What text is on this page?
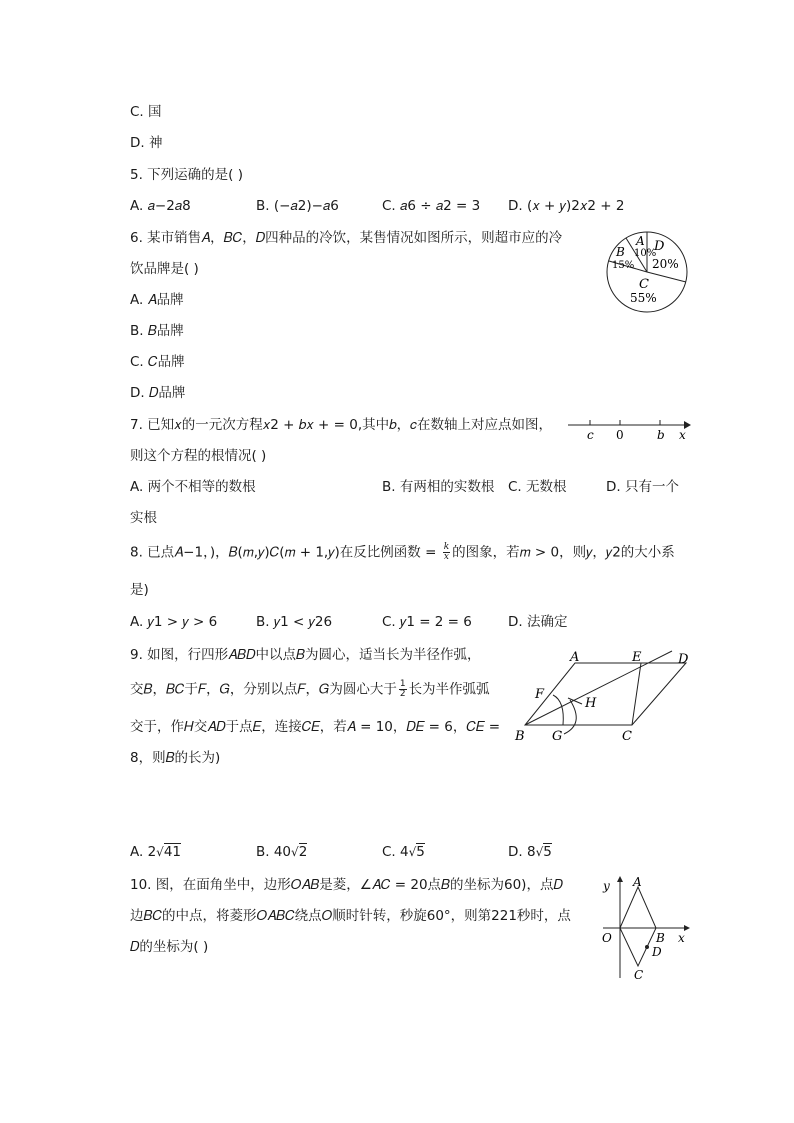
C. 国
D. 神
5. 下列运确的是( )
A. 𝑎−2𝑎8	B. (−𝑎2)−𝑎6	C. 𝑎6 ÷ 𝑎2 = 3 D. (𝑥 + 𝑦)2𝑥2 + 2
6. 某市销售𝐴，𝐵𝐶，𝐷四种品的冷饮，某售情况如图所示，则超市应的冷
饮品牌是( )
A. 𝐴品牌
B. 𝐵品牌
C. 𝐶品牌
D. 𝐷品牌
A
10%
B
15%
D
20%
C
55%
7. 已知𝑥的一元次方程𝑥2 + 𝑏𝑥 + = 0,其中𝑏，𝑐在数轴上对应点如图，
则这个方程的根情况( )
A. 两个不相等的数根	B. 有两相的实数根 C. 无数根	D. 只有一个
实根
c 0	b x
8. 已点𝐴−1，)，𝐵(𝑚,𝑦)𝐶(𝑚 + 1,𝑦)在反比例函数 = 𝑘
𝑥 的图象，若𝑚 > 0，则𝑦，𝑦2的大小系
是)
A. 𝑦1 > 𝑦 > 6	B. 𝑦1 < 𝑦26	C. 𝑦1 = 2 = 6	D. 法确定
9. 如图，行四形𝐴𝐵𝐷中以点𝐵为圆心，适当长为半径作弧，
交𝐵，𝐵𝐶于𝐹，𝐺，分别以点𝐹，𝐺为圆心大于 $\frac{1}{2}$ 长为半作弧弧
交于，作𝐻交𝐴𝐷于点𝐸，连接𝐶𝐸，若𝐴 = 10，𝐷𝐸 = 6，𝐶𝐸 =
8，则𝐵的长为)
A. 2√41	B. 40√2	C. 4√5	D. 8√5
A	E	D
F
H
B G	C
10. 图，在面角坐中，边形𝑂𝐴𝐵是菱，∠𝐴𝐶 = 20点𝐵的坐标为60)，点𝐷
边𝐵𝐶的中点，将菱形𝑂𝐴𝐵𝐶绕点𝑂顺时针转，秒旋60°，则第221秒时，点
𝐷的坐标为( )
y A
O	B x
D
C
